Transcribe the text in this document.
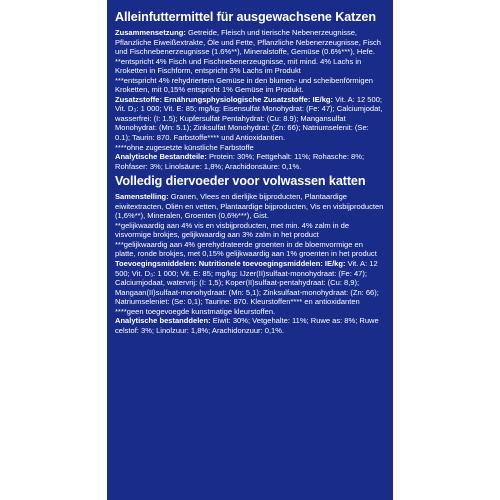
Alleinfuttermittel für ausgewachsene Katzen

Zusammensetzung: Getreide, Fleisch und tierische Nebenerzeugnisse, Pflanzliche Eiweißextrakte, Öle und Fette, Pflanzliche Nebenerzeugnisse, Fisch und Fischnebenerzeugnisse (1.6%**), Mineralstoffe, Gemüse (0.6%***), Hefe.

**entspricht 4% Fisch und Fischnebenerzeugnisse, mit mind. 4% Lachs in Kroketten in Fischform, entspricht 3% Lachs im Produkt

***entspricht 4% rehydriertem Gemüse in den blumen- und scheibenförmigen Kroketten, mit 0,15% entspricht 1% Gemüse im Produkt.

Zusatzstoffe: Ernährungsphysiologische Zusatzstoffe: IE/kg: Vit. A: 12 500; Vit. D₃: 1 000; Vit. E: 85; mg/kg: Eisensulfat Monohydrat: (Fe: 47); Calciumjodat, wasserfrei: (I: 1.5); Kupfersulfat Pentahydrat: (Cu: 8.9); Mangansulfat Monohydrat: (Mn: 5.1); Zinksulfat Monohydrat: (Zn: 66); Natriumselenit: (Se: 0.1); Taurin: 870. Farbstoffe**** und Antioxidantien.

****ohne zugesetzte künstliche Farbstoffe

Analytische Bestandteile: Protein: 30%; Fettgehalt: 11%; Rohasche: 8%; Rohfaser: 3%; Linolsäure: 1,8%; Arachidonsäure: 0,1%.

Volledig diervoeder voor volwassen katten

Samenstelling: Granen, Vlees en dierlijke bijproducten, Plantaardige eiwitextracten, Oliën en vetten, Plantaardige bijproducten, Vis en visbijproducten (1,6%**), Mineralen, Groenten (0,6%***), Gist.

**gelijkwaardig aan 4% vis en visbijproducten, met min. 4% zalm in de visvormige brokjes, gelijkwaardig aan 3% zalm in het product

***gelijkwaardig aan 4% gerehydrateerde groenten in de bloemvormige en platte, ronde brokjes, met 0,15% gelijkwaardig aan 1% groenten in het product

Toevoegingsmiddelen: Nutritionele toevoegingsmiddelen: IE/kg: Vit. A: 12 500; Vit. D₃: 1 000; Vit. E: 85; mg/kg: IJzer(II)sulfaat-monohydraat: (Fe: 47); Calciumjodaat, watervrij: (I: 1,5); Koper(II)sulfaat-pentahydraat: (Cu: 8,9); Mangaan(II)sulfaat-monohydraat: (Mn: 5,1); Zinksulfaat-monohydraat: (Zn: 66); Natriumseleniet: (Se: 0,1); Taurine: 870. Kleurstoffen**** en antioxidanten

****geen toegevoegde kunstmatige kleurstoffen.

Analytische bestanddelen: Eiwit: 30%; Vetgehalte: 11%; Ruwe as: 8%; Ruwe celstof: 3%; Linolzuur: 1,8%; Arachidonzuur: 0,1%.
